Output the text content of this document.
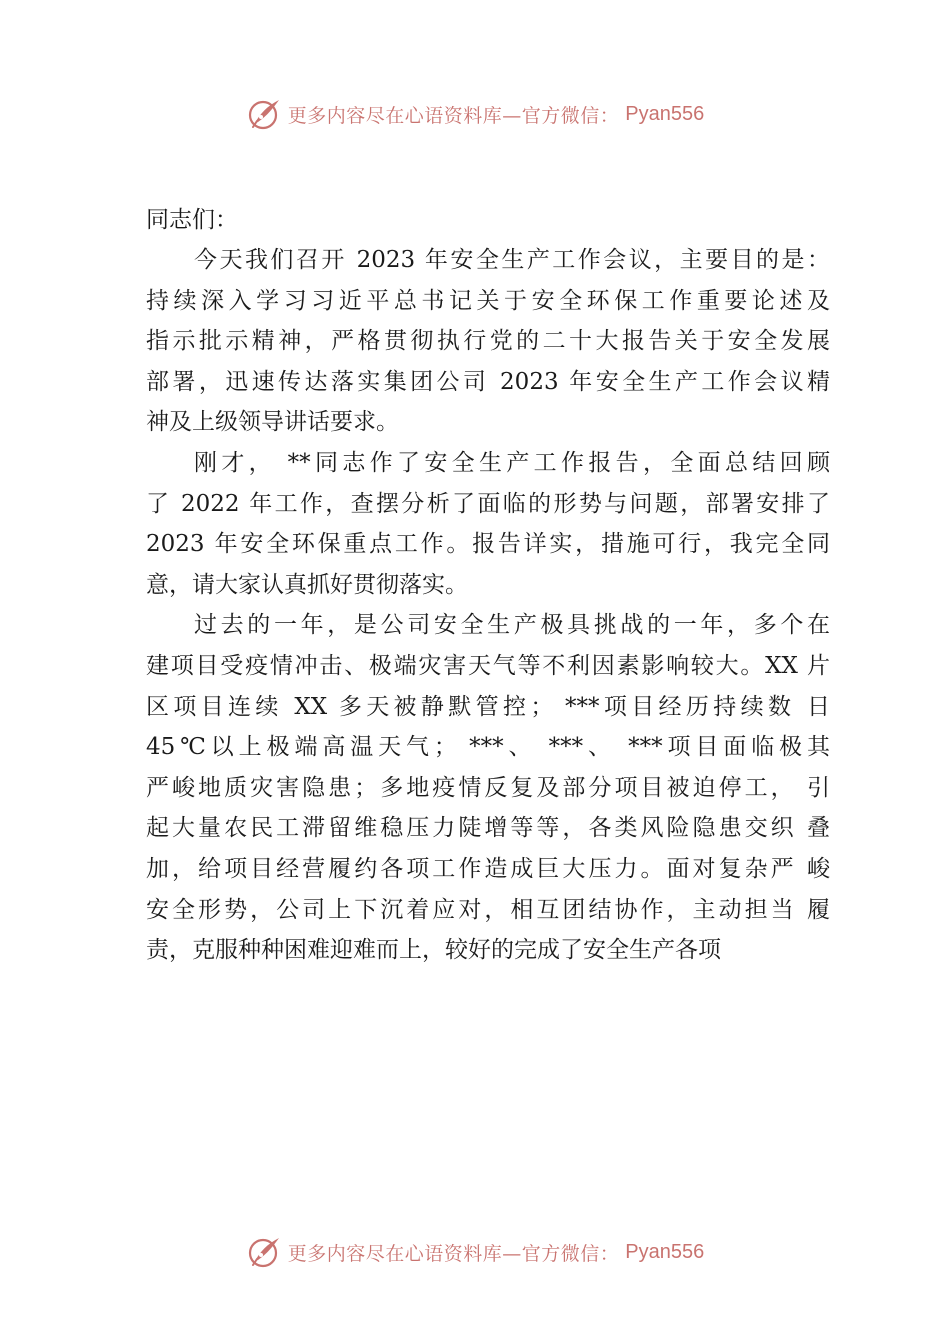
更多内容尽在心语资料库—官方微信： Pyan556

同志们：

今天我们召开 2023 年安全生产工作会议，主要目的是：
持续深入学习习近平总书记关于安全环保工作重要论述及
指示批示精神，严格贯彻执行党的二十大报告关于安全发展
部署，迅速传达落实集团公司 2023 年安全生产工作会议精
神及上级领导讲话要求。
刚才， **同志作了安全生产工作报告，全面总结回顾
了 2022 年工作，查摆分析了面临的形势与问题，部署安排了
2023 年安全环保重点工作。报告详实，措施可行，我完全同
意，请大家认真抓好贯彻落实。
过去的一年，是公司安全生产极具挑战的一年，多个在
建项目受疫情冲击、极端灾害天气等不利因素影响较大。XX 片
区项目连续 XX 多天被静默管控； ***项目经历持续数 日
45℃以上极端高温天气； ***、 ***、 ***项目面临极其
严峻地质灾害隐患；多地疫情反复及部分项目被迫停工， 引
起大量农民工滞留维稳压力陡增等等，各类风险隐患交织 叠
加，给项目经营履约各项工作造成巨大压力。面对复杂严 峻
安全形势，公司上下沉着应对，相互团结协作，主动担当 履
责，克服种种困难迎难而上，较好的完成了安全生产各项
更多内容尽在心语资料库—官方微信： Pyan556
